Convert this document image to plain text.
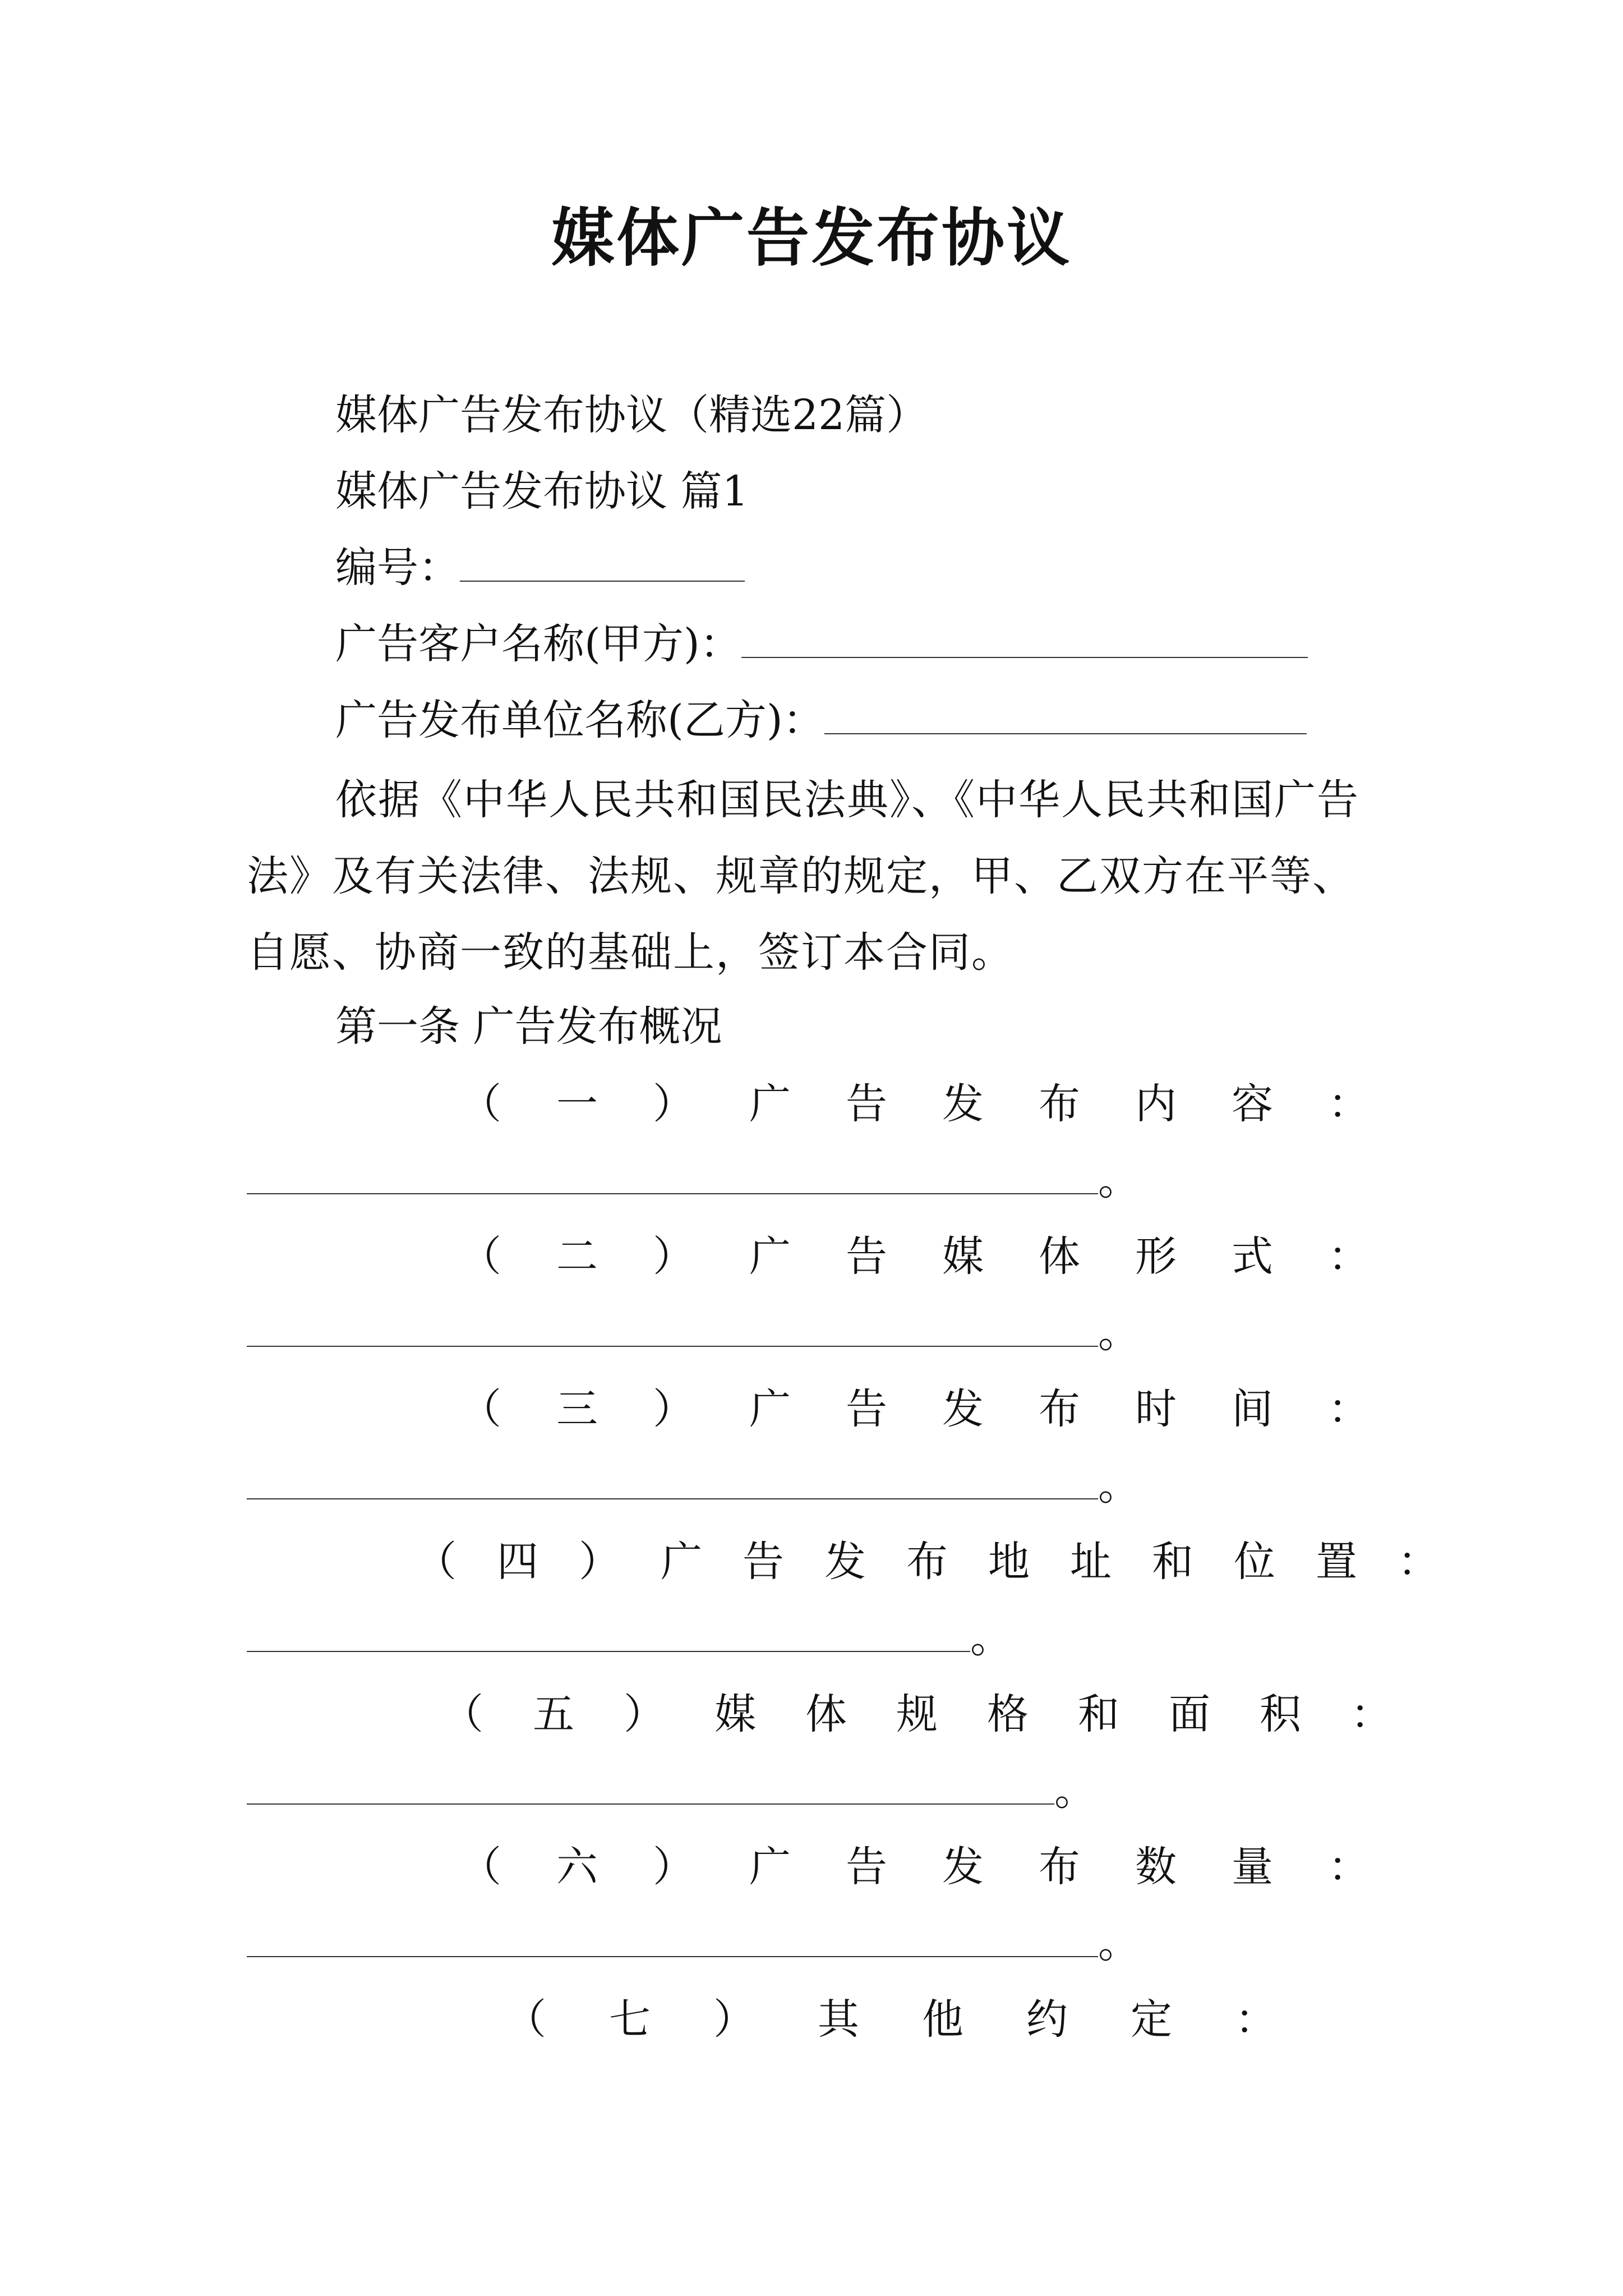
媒体广告发布协议
媒体广告发布协议（精选22篇）
媒体广告发布协议 篇1
编号：
广告客户名称(甲方)：
广告发布单位名称(乙方)：
依据《中华人民共和国民法典》、《中华人民共和国广告法》及有关法律、法规、规章的规定，甲、乙双方在平等、自愿、协商一致的基础上，签订本合同。
第一条 广告发布概况
（一）广告发布内容：
。
（二）广告媒体形式：
。
（三）广告发布时间：
。
（四）广告发布地址和位置：
。
（五）媒体规格和面积：
。
（六）广告发布数量：
。
（七）其他约定：
